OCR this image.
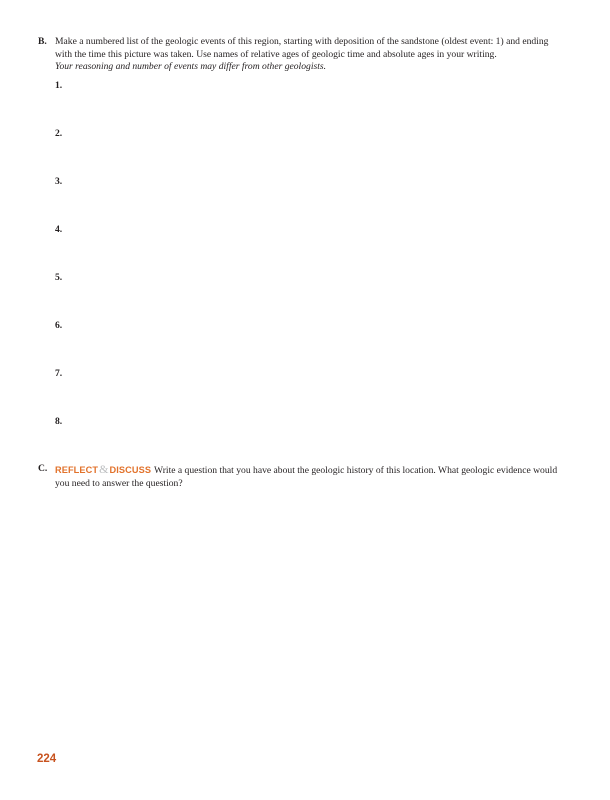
B. Make a numbered list of the geologic events of this region, starting with deposition of the sandstone (oldest event: 1) and ending with the time this picture was taken. Use names of relative ages of geologic time and absolute ages in your writing.
Your reasoning and number of events may differ from other geologists.
1.
2.
3.
4.
5.
6.
7.
8.
C. REFLECT&DISCUSS Write a question that you have about the geologic history of this location. What geologic evidence would you need to answer the question?
224
